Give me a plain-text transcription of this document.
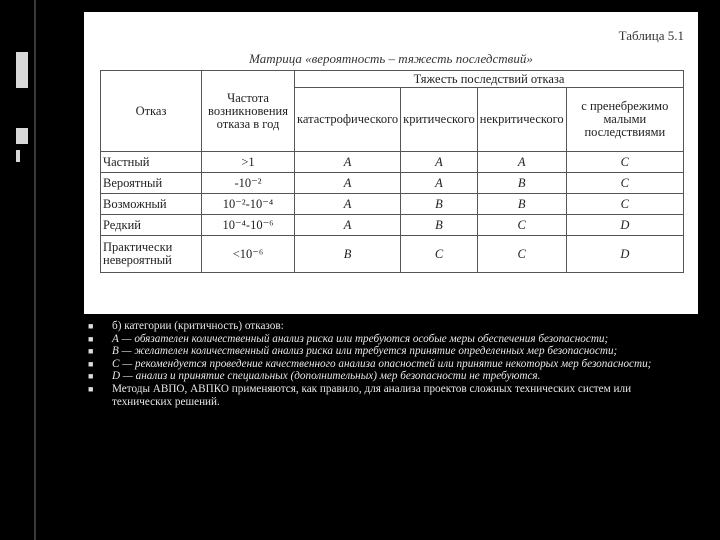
Таблица 5.1
Матрица «вероятность – тяжесть последствий»
Отказ	Частота возникновения отказа в год	Тяжесть последствий отказа			
		катастрофического	критического	некритического	с пренебрежимо малыми последствиями
Частный	>1	A	A	A	C
Вероятный	-10⁻²	A	A	B	C
Возможный	10⁻²-10⁻⁴	A	B	B	C
Редкий	10⁻⁴-10⁻⁶	A	B	C	D
Практически невероятный	<10⁻⁶	B	C	C	D

■ б) категории (критичность) отказов:

■ А — обязателен количественный анализ риска или требуются особые меры обеспечения безопасности;

■ В — желателен количественный анализ риска или требуется принятие определенных мер безопасности;

■ С — рекомендуется проведение качественного анализа опасностей или принятие некоторых мер безопасности;

■ D — анализ и принятие специальных (дополнительных) мер безопасности не требуются.

■ Методы АВПО, АВПКО применяются, как правило, для анализа проектов сложных технических систем или технических решений.
